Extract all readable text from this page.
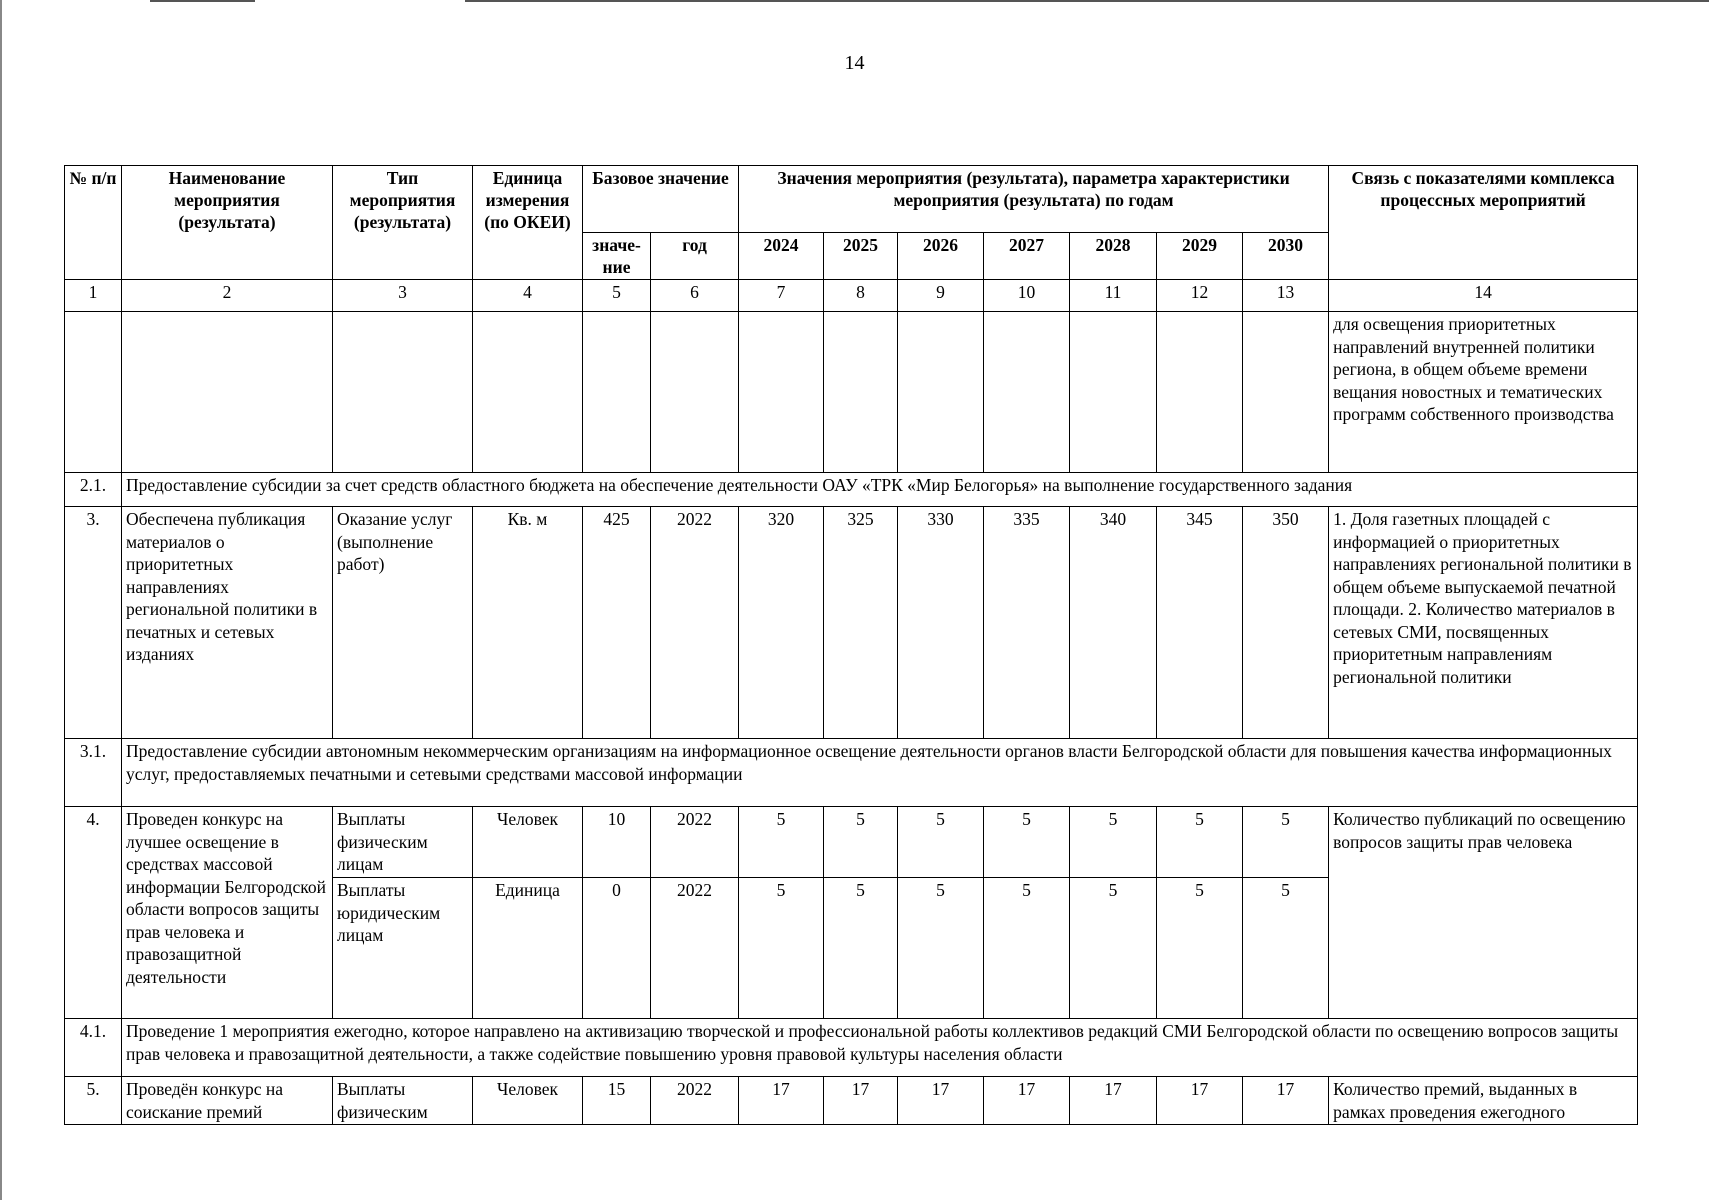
14
№ п/п	Наименование мероприятия (результата)	Тип мероприятия (результата)	Единица измерения (по ОКЕИ)	Базовое значение		Значения мероприятия (результата), параметра характеристики мероприятия (результата) по годам							Связь с показателями комплекса процессных мероприятий
				значе-ние	год	2024	2025	2026	2027	2028	2029	2030	
1	2	3	4	5	6	7	8	9	10	11	12	13	14
													для освещения приоритетных направлений внутренней политики региона, в общем объеме времени вещания новостных и тематических программ собственного производства
2.1.	Предоставление субсидии за счет средств областного бюджета на обеспечение деятельности ОАУ «ТРК «Мир Белогорья» на выполнение государственного задания												
3.	Обеспечена публикация материалов о приоритетных направлениях региональной политики в печатных и сетевых изданиях	Оказание услуг (выполнение работ)	Кв. м	425	2022	320	325	330	335	340	345	350	1. Доля газетных площадей с информацией о приоритетных направлениях региональной политики в общем объеме выпускаемой печатной площади. 2. Количество материалов в сетевых СМИ, посвященных приоритетным направлениям региональной политики
3.1.	Предоставление субсидии автономным некоммерческим организациям на информационное освещение деятельности органов власти Белгородской области для повышения качества информационных услуг, предоставляемых печатными и сетевыми средствами массовой информации												
4.	Проведен конкурс на лучшее освещение в средствах массовой информации Белгородской области вопросов защиты прав человека и правозащитной деятельности	Выплаты физическим лицам	Человек	10	2022	5	5	5	5	5	5	5	Количество публикаций по освещению вопросов защиты прав человека
		Выплаты юридическим лицам	Единица	0	2022	5	5	5	5	5	5	5	
4.1.	Проведение 1 мероприятия ежегодно, которое направлено на активизацию творческой и профессиональной работы коллективов редакций СМИ Белгородской области по освещению вопросов защиты прав человека и правозащитной деятельности, а также содействие повышению уровня правовой культуры населения области												
5.	Проведён конкурс на соискание премий	Выплаты физическим	Человек	15	2022	17	17	17	17	17	17	17	Количество премий, выданных в рамках проведения ежегодного
